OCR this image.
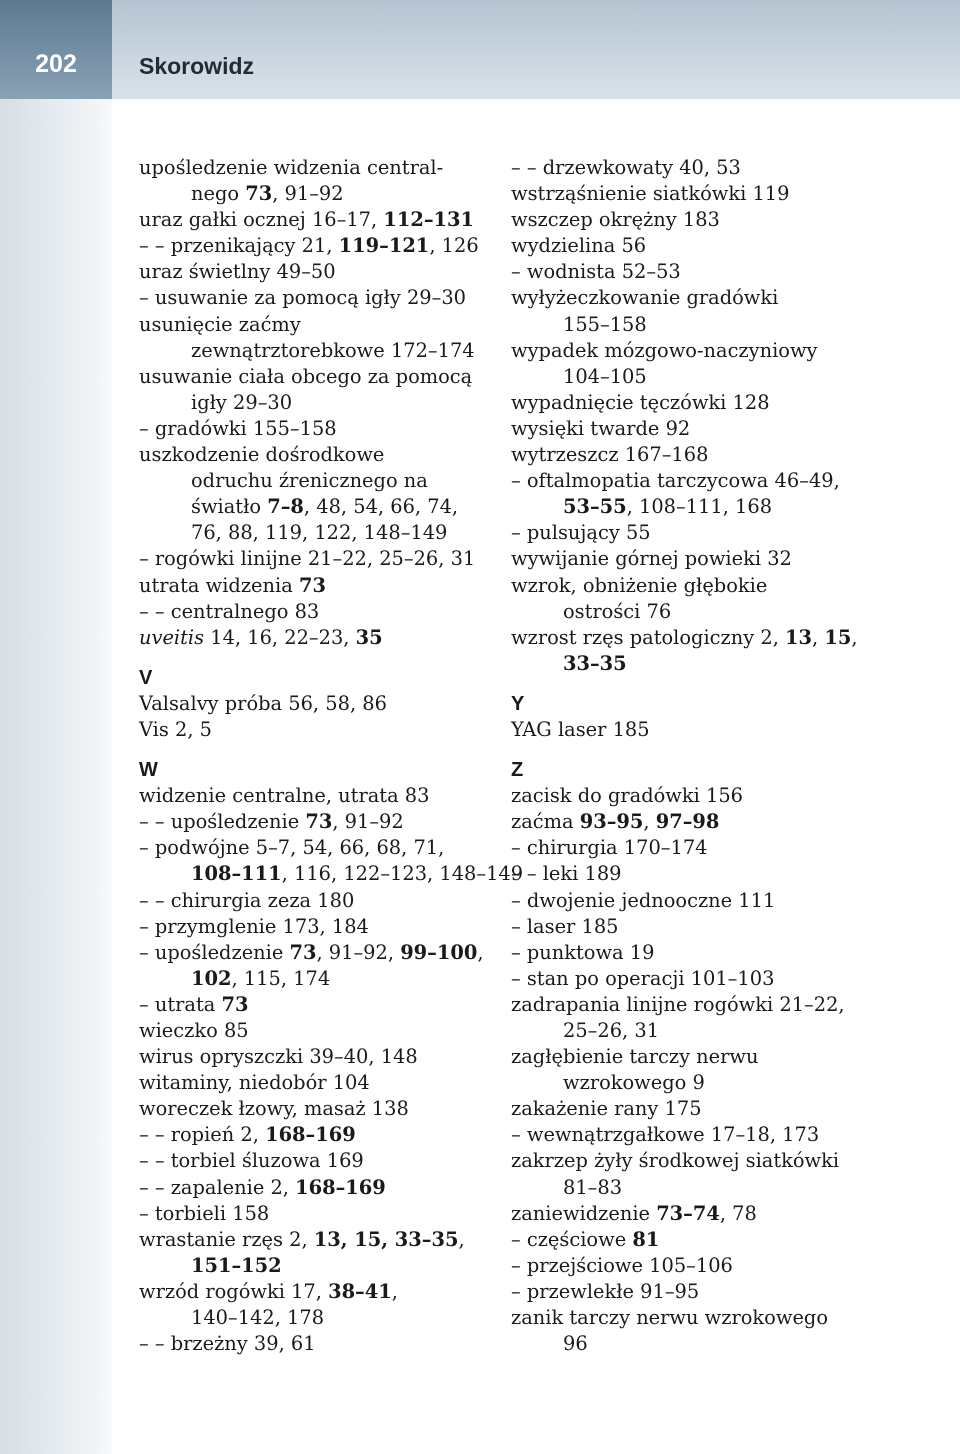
202	Skorowidz
upośledzenie widzenia central-
nego 73, 91–92
uraz gałki ocznej 16–17, 112–131
– – przenikający 21, 119–121, 126
uraz świetlny 49–50
– usuwanie za pomocą igły 29–30
usunięcie zaćmy
zewnątrztorebkowe 172–174
usuwanie ciała obcego za pomocą
igły 29–30
– gradówki 155–158
uszkodzenie dośrodkowe
odruchu źrenicznego na
światło 7–8, 48, 54, 66, 74,
76, 88, 119, 122, 148–149
– rogówki linijne 21–22, 25–26, 31
utrata widzenia 73
– – centralnego 83
uveitis 14, 16, 22–23, 35
V
Valsalvy próba 56, 58, 86
Vis 2, 5
W
widzenie centralne, utrata 83
– – upośledzenie 73, 91–92
– podwójne 5–7, 54, 66, 68, 71,
108–111, 116, 122–123, 148–149
– – chirurgia zeza 180
– przymglenie 173, 184
– upośledzenie 73, 91–92, 99–100,
102, 115, 174
– utrata 73
wieczko 85
wirus opryszczki 39–40, 148
witaminy, niedobór 104
woreczek łzowy, masaż 138
– – ropień 2, 168–169
– – torbiel śluzowa 169
– – zapalenie 2, 168–169
– torbieli 158
wrastanie rzęs 2, 13, 15, 33–35,
151–152
wrzód rogówki 17, 38–41,
140–142, 178
– – brzeżny 39, 61
– – drzewkowaty 40, 53
wstrząśnienie siatkówki 119
wszczep okrężny 183
wydzielina 56
– wodnista 52–53
wyłyżeczkowanie gradówki
155–158
wypadek mózgowo-naczyniowy
104–105
wypadnięcie tęczówki 128
wysięki twarde 92
wytrzeszcz 167–168
– oftalmopatia tarczycowa 46–49,
53–55, 108–111, 168
– pulsujący 55
wywijanie górnej powieki 32
wzrok, obniżenie głębokie
ostrości 76
wzrost rzęs patologiczny 2, 13, 15,
33–35
Y
YAG laser 185
Z
zacisk do gradówki 156
zaćma 93–95, 97–98
– chirurgia 170–174
– – leki 189
– dwojenie jednooczne 111
– laser 185
– punktowa 19
– stan po operacji 101–103
zadrapania linijne rogówki 21–22,
25–26, 31
zagłębienie tarczy nerwu
wzrokowego 9
zakażenie rany 175
– wewnątrzgałkowe 17–18, 173
zakrzep żyły środkowej siatkówki
81–83
zaniewidzenie 73–74, 78
– częściowe 81
– przejściowe 105–106
– przewlekłe 91–95
zanik tarczy nerwu wzrokowego
96
